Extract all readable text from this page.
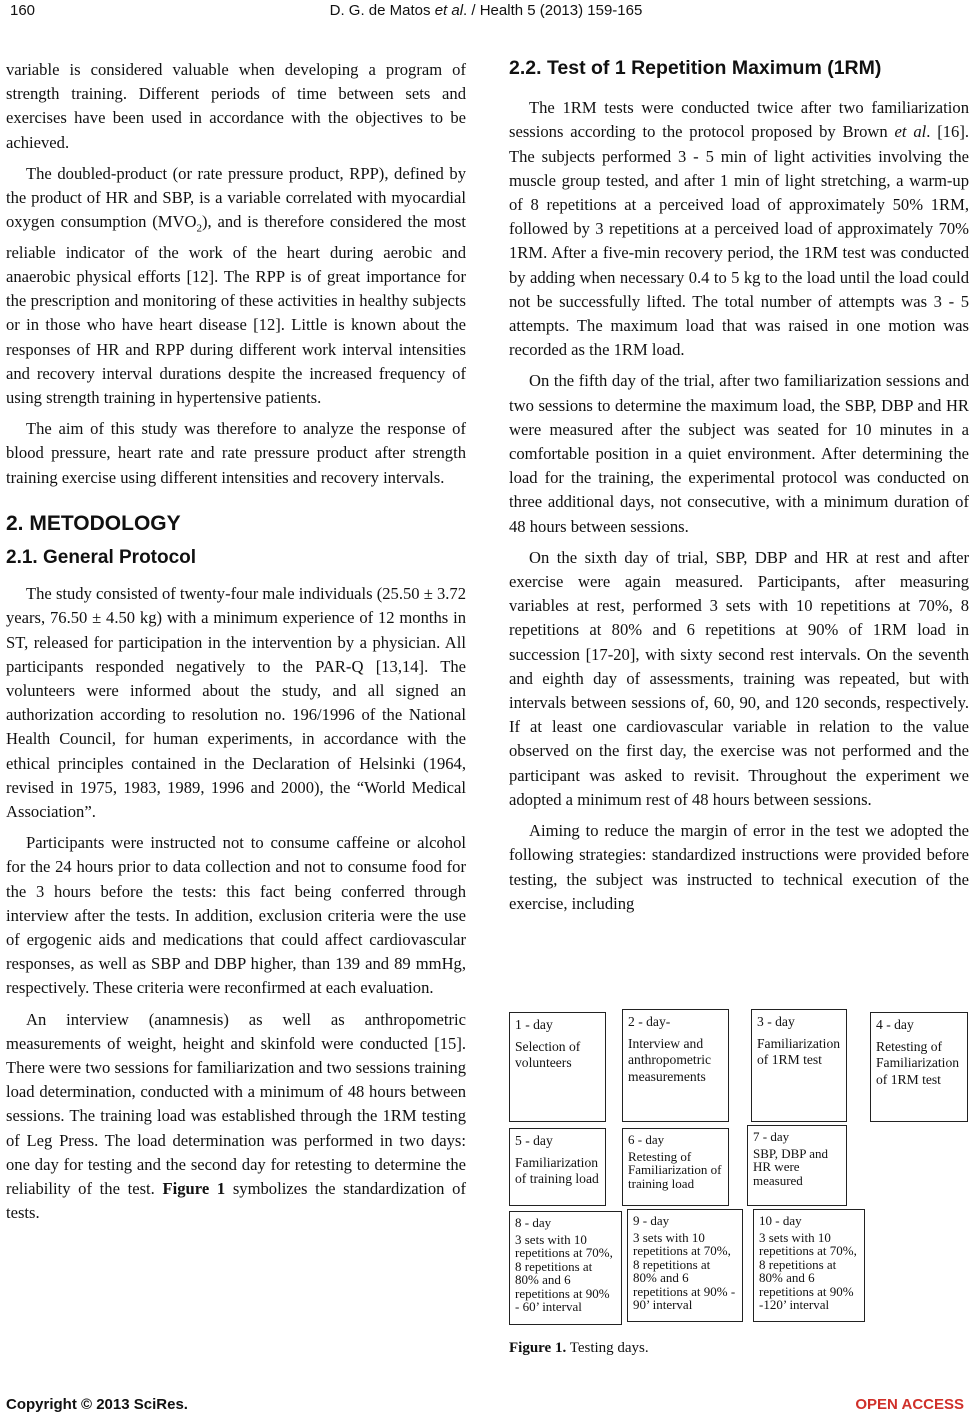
160	D. G. de Matos et al. / Health 5 (2013) 159-165

variable is considered valuable when developing a program of strength training. Different periods of time between sets and exercises have been used in accordance with the objectives to be achieved.

The doubled-product (or rate pressure product, RPP), defined by the product of HR and SBP, is a variable correlated with myocardial oxygen consumption $(MVO_2)$, and is therefore considered the most reliable indicator of the work of the heart during aerobic and anaerobic physical efforts [12]. The RPP is of great importance for the prescription and monitoring of these activities in healthy subjects or in those who have heart disease [12]. Little is known about the responses of HR and RPP during different work interval intensities and recovery interval durations despite the increased frequency of using strength training in hypertensive patients.

The aim of this study was therefore to analyze the response of blood pressure, heart rate and rate pressure product after strength training exercise using different intensities and recovery intervals.

2. METODOLOGY
2.1. General Protocol

The study consisted of twenty-four male individuals (25.50 ± 3.72 years, 76.50 ± 4.50 kg) with a minimum experience of 12 months in ST, released for participation in the intervention by a physician. All participants responded negatively to the PAR-Q [13,14]. The volunteers were informed about the study, and all signed an authorization according to resolution no. 196/1996 of the National Health Council, for human experiments, in accordance with the ethical principles contained in the Declaration of Helsinki (1964, revised in 1975, 1983, 1989, 1996 and 2000), the “World Medical Association”.

Participants were instructed not to consume caffeine or alcohol for the 24 hours prior to data collection and not to consume food for the 3 hours before the tests: this fact being conferred through interview after the tests. In addition, exclusion criteria were the use of ergogenic aids and medications that could affect cardiovascular responses, as well as SBP and DBP higher, than 139 and 89 mmHg, respectively. These criteria were reconfirmed at each evaluation.

An interview (anamnesis) as well as anthropometric measurements of weight, height and skinfold were conducted [15]. There were two sessions for familiarization and two sessions training load determination, conducted with a minimum of 48 hours between sessions. The training load was established through the 1RM testing of Leg Press. The load determination was performed in two days: one day for testing and the second day for retesting to determine the reliability of the test. Figure 1 symbolizes the standardization of tests.

2.2. Test of 1 Repetition Maximum (1RM)

The 1RM tests were conducted twice after two familiarization sessions according to the protocol proposed by Brown et al. [16]. The subjects performed 3 - 5 min of light activities involving the muscle group tested, and after 1 min of light stretching, a warm-up of 8 repetitions at a perceived load of approximately 50% 1RM, followed by 3 repetitions at a perceived load of approximately 70% 1RM. After a five-min recovery period, the 1RM test was conducted by adding when necessary 0.4 to 5 kg to the load until the load could not be successfully lifted. The total number of attempts was 3 - 5 attempts. The maximum load that was raised in one motion was recorded as the 1RM load.

On the fifth day of the trial, after two familiarization sessions and two sessions to determine the maximum load, the SBP, DBP and HR were measured after the subject was seated for 10 minutes in a comfortable position in a quiet environment. After determining the load for the training, the experimental protocol was conducted on three additional days, not consecutive, with a minimum duration of 48 hours between sessions.

On the sixth day of trial, SBP, DBP and HR at rest and after exercise were again measured. Participants, after measuring variables at rest, performed 3 sets with 10 repetitions at 70%, 8 repetitions at 80% and 6 repetitions at 90% of 1RM load in succession [17-20], with sixty second rest intervals. On the seventh and eighth day of assessments, training was repeated, but with intervals between sessions of, 60, 90, and 120 seconds, respectively. If at least one cardiovascular variable in relation to the value observed on the first day, the exercise was not performed and the participant was asked to revisit. Throughout the experiment we adopted a minimum rest of 48 hours between sessions.

Aiming to reduce the margin of error in the test we adopted the following strategies: standardized instructions were provided before testing, the subject was instructed to technical execution of the exercise, including

1 - day
Selection of volunteers
2 - day-
Interview and anthropometric measurements
3 - day
Familiarization of 1RM test
4 - day
Retesting of Familiarization of 1RM test
5 - day
Familiarization of training load
6 - day
Retesting of Familiarization of training load
7 - day
SBP, DBP and HR were measured
8 - day
3 sets with 10 repetitions at 70%, 8 repetitions at 80% and 6 repetitions at 90% - 60’ interval
9 - day
3 sets with 10 repetitions at 70%, 8 repetitions at 80% and 6 repetitions at 90% - 90’ interval
10 - day
3 sets with 10 repetitions at 70%, 8 repetitions at 80% and 6 repetitions at 90% -120’ interval
Figure 1. Testing days.
Copyright © 2013 SciRes.	OPEN ACCESS
